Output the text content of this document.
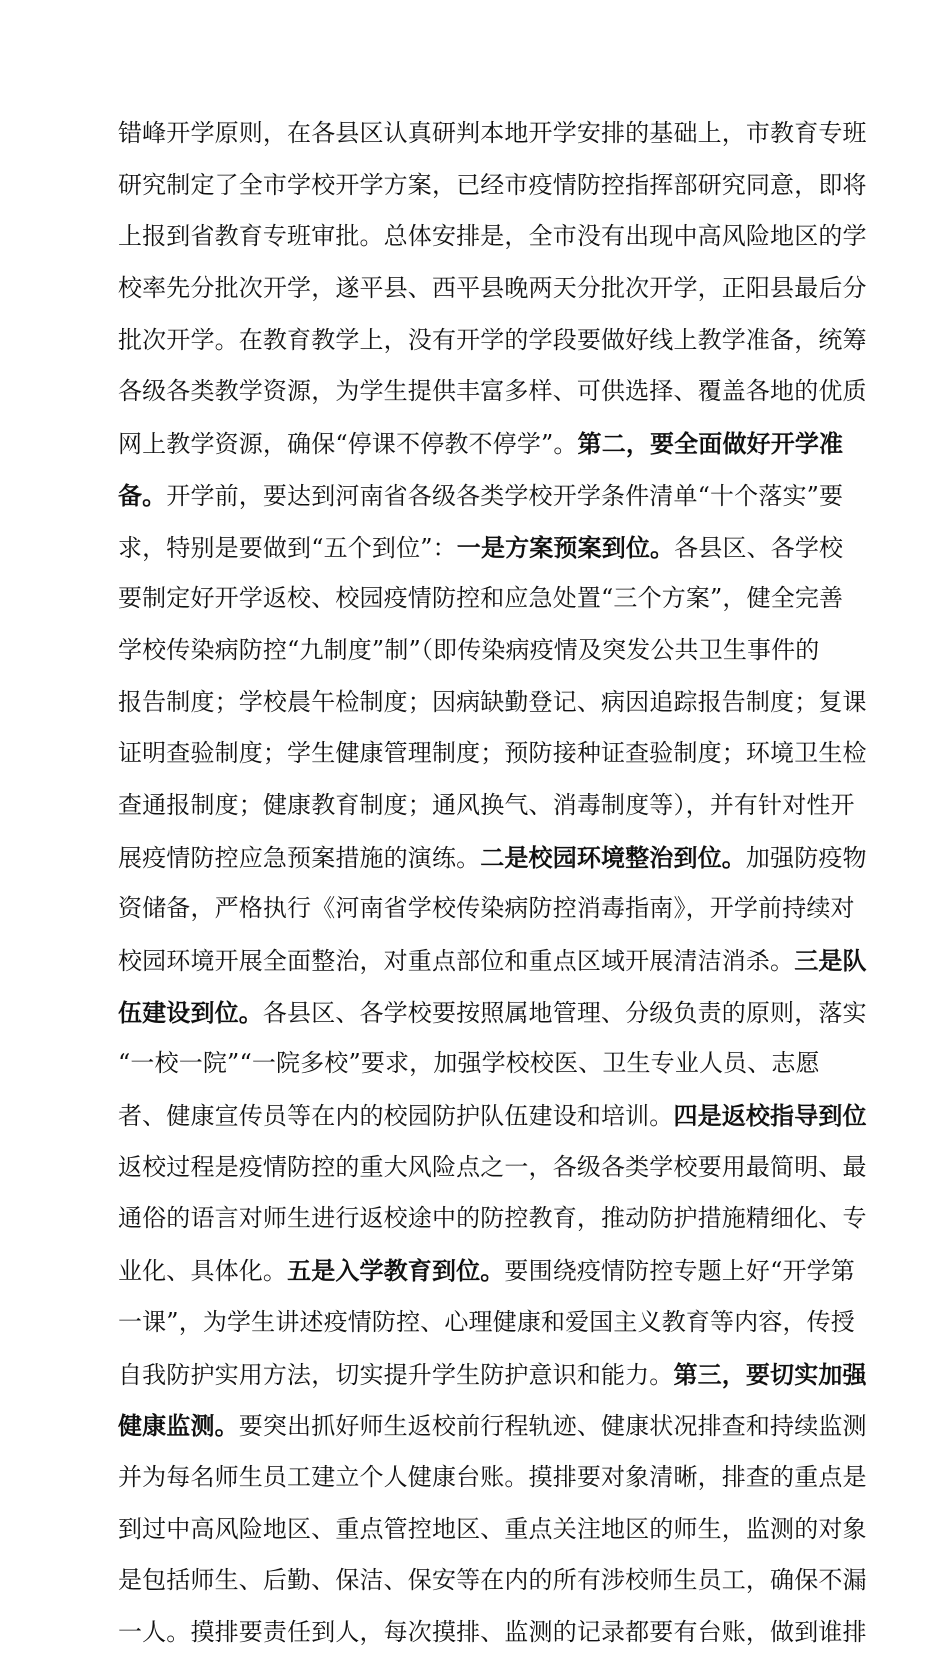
错峰开学原则，在各县区认真研判本地开学安排的基础上，市教育专班
研究制定了全市学校开学方案，已经市疫情防控指挥部研究同意，即将
上报到省教育专班审批。总体安排是，全市没有出现中高风险地区的学
校率先分批次开学，遂平县、西平县晚两天分批次开学，正阳县最后分
批次开学。在教育教学上，没有开学的学段要做好线上教学准备，统筹
各级各类教学资源，为学生提供丰富多样、可供选择、覆盖各地的优质
网上教学资源，确保“停课不停教不停学”。第二，要全面做好开学准
备。开学前，要达到河南省各级各类学校开学条件清单“十个落实”要
求，特别是要做到“五个到位”：一是方案预案到位。各县区、各学校
要制定好开学返校、校园疫情防控和应急处置“三个方案”，健全完善
学校传染病防控“九制度”制”（即传染病疫情及突发公共卫生事件的
报告制度；学校晨午检制度；因病缺勤登记、病因追踪报告制度；复课
证明查验制度；学生健康管理制度；预防接种证查验制度；环境卫生检
查通报制度；健康教育制度；通风换气、消毒制度等），并有针对性开
展疫情防控应急预案措施的演练。二是校园环境整治到位。加强防疫物
资储备，严格执行《河南省学校传染病防控消毒指南》，开学前持续对
校园环境开展全面整治，对重点部位和重点区域开展清洁消杀。三是队
伍建设到位。各县区、各学校要按照属地管理、分级负责的原则，落实
“一校一院”“一院多校”要求，加强学校校医、卫生专业人员、志愿
者、健康宣传员等在内的校园防护队伍建设和培训。四是返校指导到位
返校过程是疫情防控的重大风险点之一，各级各类学校要用最简明、最
通俗的语言对师生进行返校途中的防控教育，推动防护措施精细化、专
业化、具体化。五是入学教育到位。要围绕疫情防控专题上好“开学第
一课”，为学生讲述疫情防控、心理健康和爱国主义教育等内容，传授
自我防护实用方法，切实提升学生防护意识和能力。第三，要切实加强
健康监测。要突出抓好师生返校前行程轨迹、健康状况排查和持续监测
并为每名师生员工建立个人健康台账。摸排要对象清晰，排查的重点是
到过中高风险地区、重点管控地区、重点关注地区的师生，监测的对象
是包括师生、后勤、保洁、保安等在内的所有涉校师生员工，确保不漏
一人。摸排要责任到人，每次摸排、监测的记录都要有台账，做到谁排
